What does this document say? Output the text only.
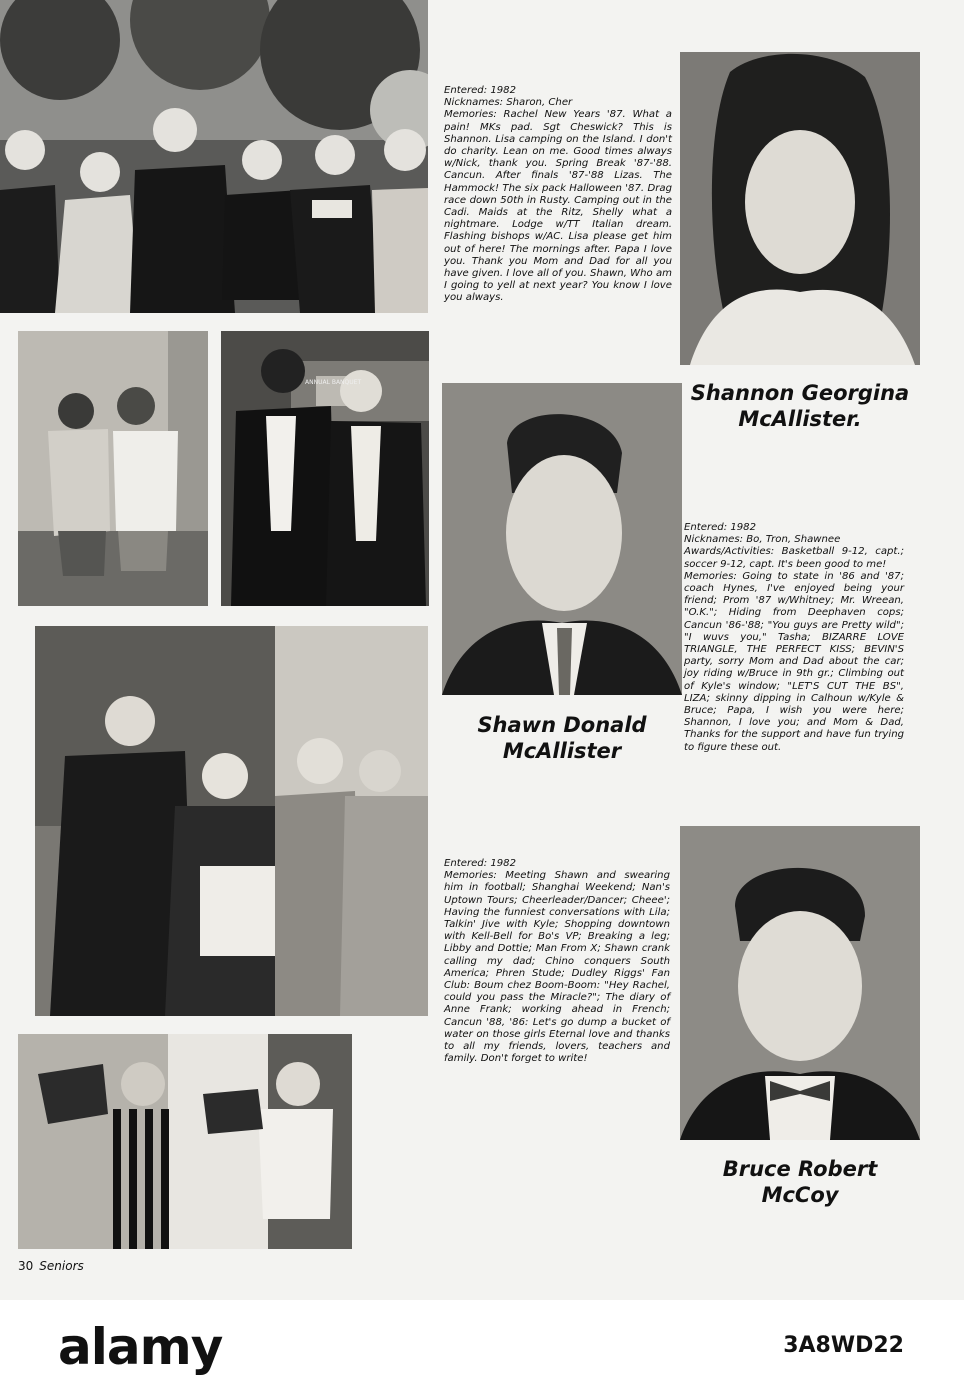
ANNUAL BANQUET

Entered: 1982

Nicknames: Sharon, Cher

Memories: Rachel New Years '87. What a pain! MKs pad. Sgt Cheswick? This is Shannon. Lisa camping on the Island. I don't do charity. Lean on me. Good times always w/Nick, thank you. Spring Break '87-'88. Cancun. After finals '87-'88 Lizas. The Hammock! The six pack Halloween '87. Drag race down 50th in Rusty. Camping out in the Cadi. Maids at the Ritz, Shelly what a nightmare. Lodge w/TT Italian dream. Flashing bishops w/AC. Lisa please get him out of here! The mornings after. Papa I love you. Thank you Mom and Dad for all you have given. I love all of you. Shawn, Who am I going to yell at next year? You know I love you always.

Shannon Georgina
McAllister.
Shawn Donald
McAllister

Entered: 1982

Nicknames: Bo, Tron, Shawnee

Awards/Activities: Basketball 9-12, capt.; soccer 9-12, capt. It's been good to me!

Memories: Going to state in '86 and '87; coach Hynes, I've enjoyed being your friend; Prom '87 w/Whitney; Mr. Wreean, "O.K."; Hiding from Deephaven cops; Cancun '86-'88; "You guys are Pretty wild"; "I wuvs you," Tasha; BIZARRE LOVE TRIANGLE, THE PERFECT KISS; BEVIN'S party, sorry Mom and Dad about the car; joy riding w/Bruce in 9th gr.; Climbing out of Kyle's window; "LET'S CUT THE BS", LIZA; skinny dipping in Calhoun w/Kyle & Bruce; Papa, I wish you were here; Shannon, I love you; and Mom & Dad, Thanks for the support and have fun trying to figure these out.

Entered: 1982

Memories: Meeting Shawn and swearing him in football; Shanghai Weekend; Nan's Uptown Tours; Cheerleader/Dancer; Cheee'; Having the funniest conversations with Lila; Talkin' Jive with Kyle; Shopping downtown with Kell-Bell for Bo's VP; Breaking a leg; Libby and Dottie; Man From X; Shawn crank calling my dad; Chino conquers South America; Phren Stude; Dudley Riggs' Fan Club: Boum chez Boom-Boom: "Hey Rachel, could you pass the Miracle?"; The diary of Anne Frank; working ahead in French; Cancun '88, '86: Let's go dump a bucket of water on those girls Eternal love and thanks to all my friends, lovers, teachers and family. Don't forget to write!

Bruce Robert
McCoy
30 Seniors
alamy	3A8WD22
